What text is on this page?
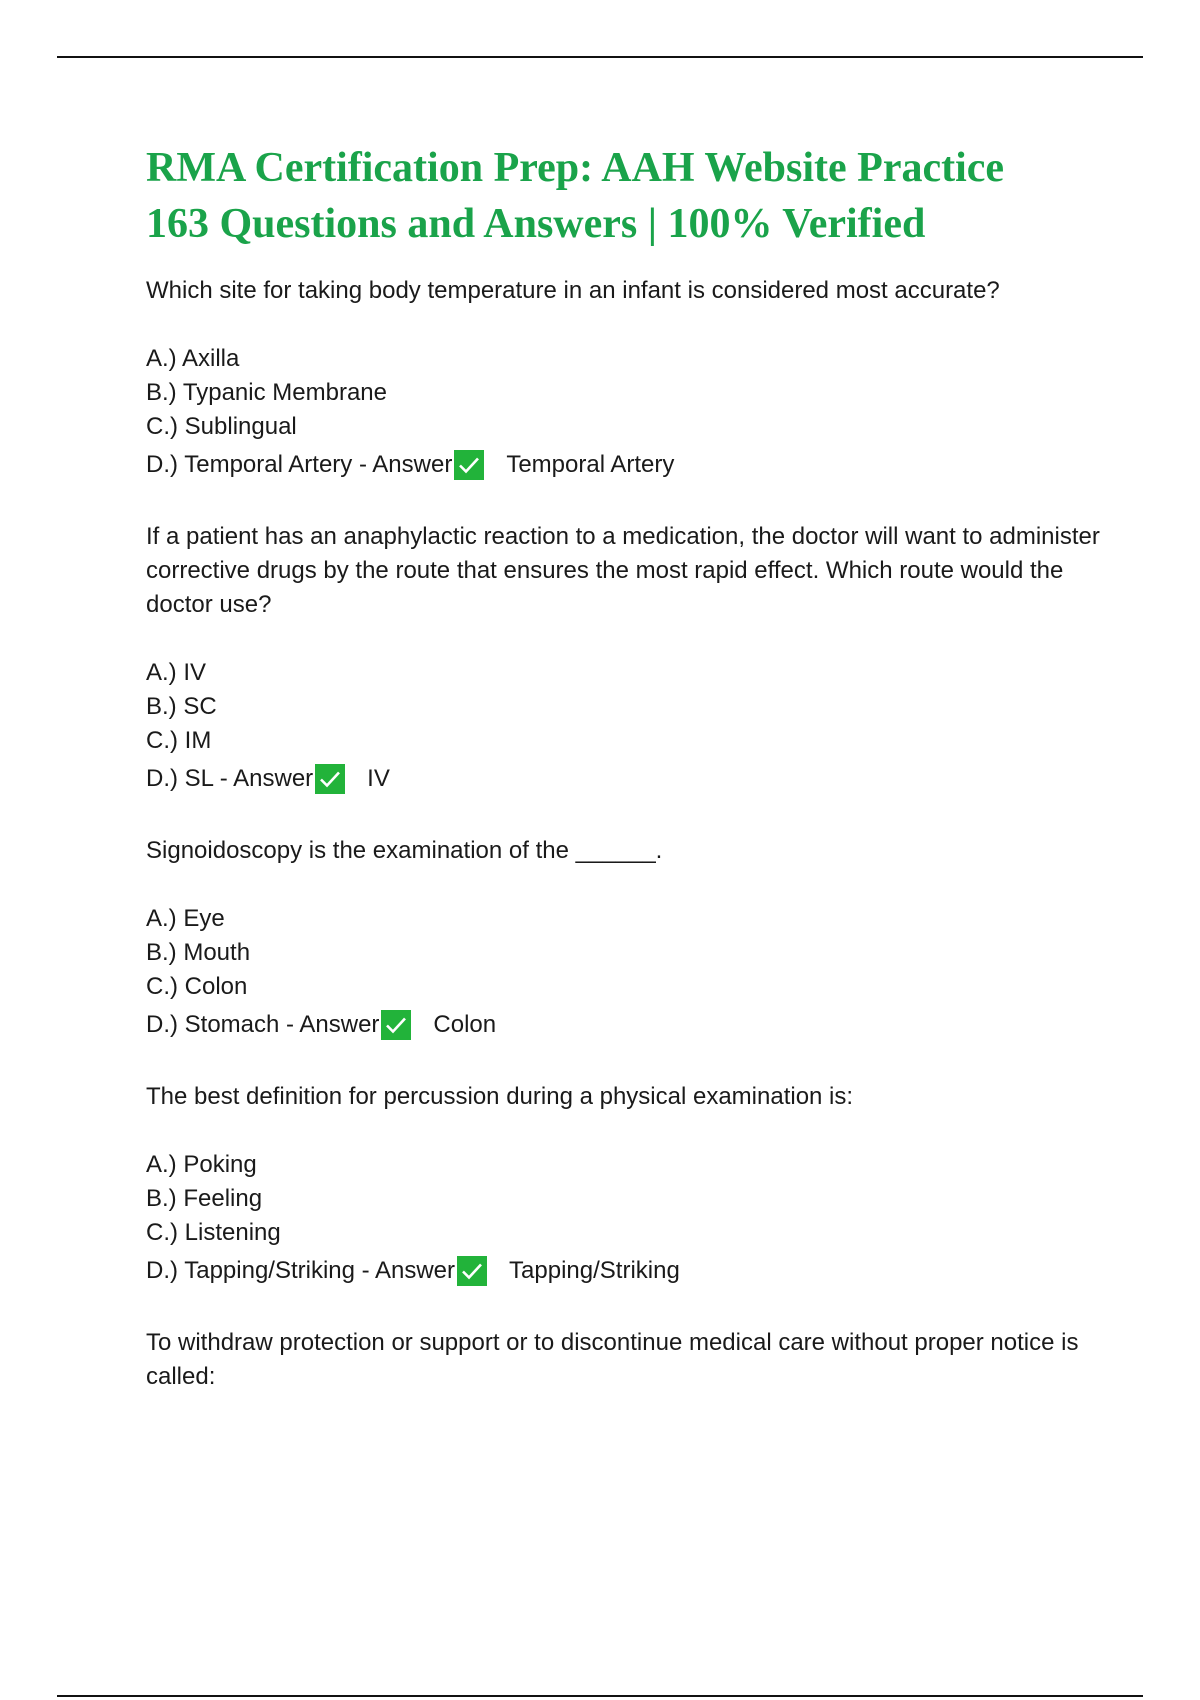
RMA Certification Prep: AAH Website Practice
163 Questions and Answers | 100% Verified

Which site for taking body temperature in an infant is considered most accurate?

A.) Axilla
B.) Typanic Membrane
C.) Sublingual
D.) Temporal Artery - Answer Temporal Artery

If a patient has an anaphylactic reaction to a medication, the doctor will want to administer corrective drugs by the route that ensures the most rapid effect. Which route would the doctor use?

A.) IV
B.) SC
C.) IM
D.) SL - Answer IV

Signoidoscopy is the examination of the ______.

A.) Eye
B.) Mouth
C.) Colon
D.) Stomach - Answer Colon

The best definition for percussion during a physical examination is:

A.) Poking
B.) Feeling
C.) Listening
D.) Tapping/Striking - Answer Tapping/Striking

To withdraw protection or support or to discontinue medical care without proper notice is called:
